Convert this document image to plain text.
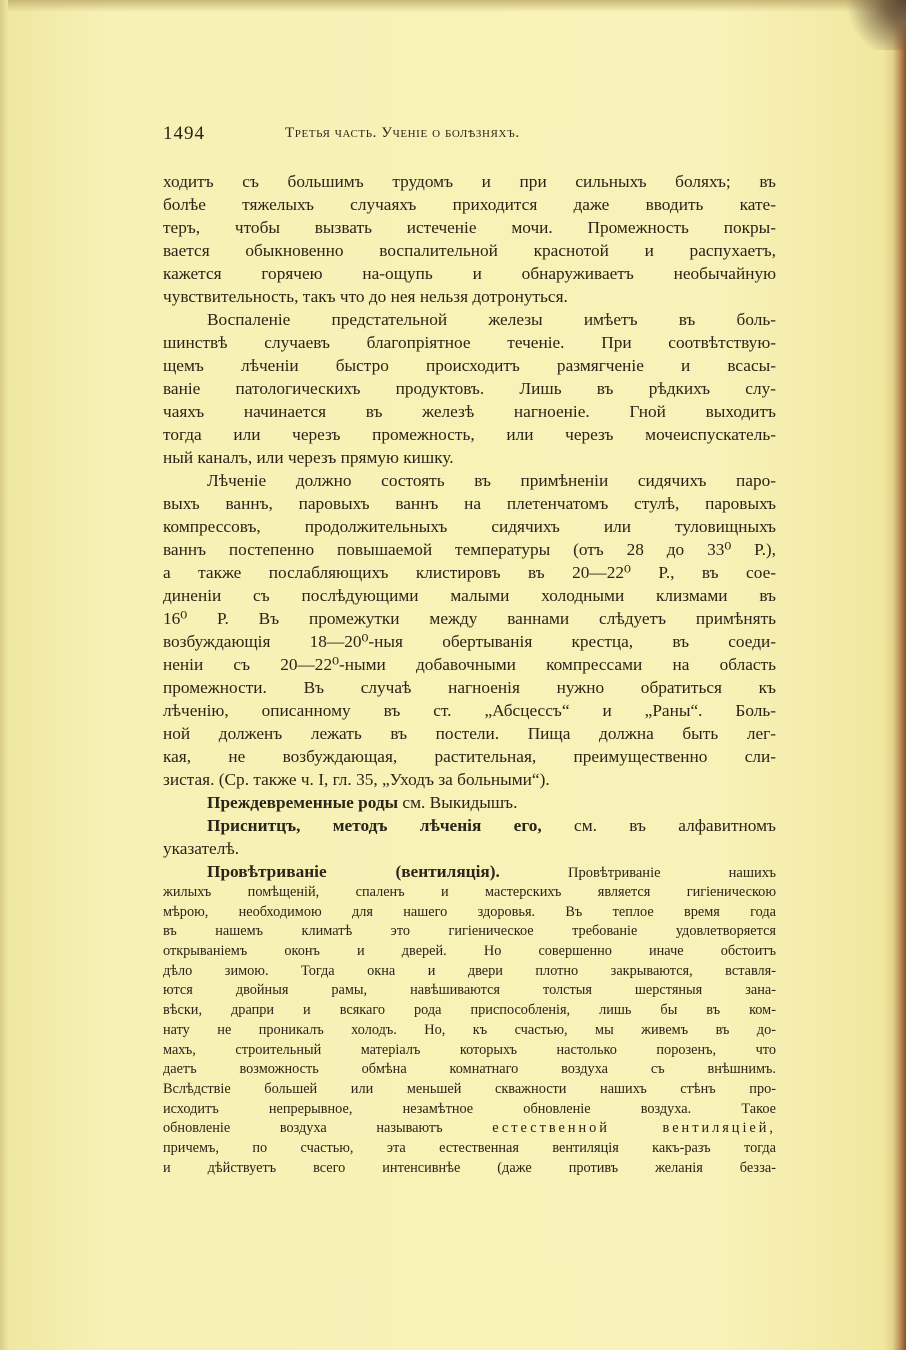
1494	Третья часть. Ученіе о болѣзняхъ.
ходитъ съ большимъ трудомъ и при сильныхъ боляхъ; въ
болѣе тяжелыхъ случаяхъ приходится даже вводить кате-
теръ, чтобы вызвать истеченіе мочи. Промежность покры-
вается обыкновенно воспалительной краснотой и распухаетъ,
кажется горячею на-ощупь и обнаруживаетъ необычайную
чувствительность, такъ что до нея нельзя дотронуться.
Воспаленіе предстательной железы имѣетъ въ боль-
шинствѣ случаевъ благопріятное теченіе. При соотвѣтствую-
щемъ лѣченіи быстро происходитъ размягченіе и всасы-
ваніе патологическихъ продуктовъ. Лишь въ рѣдкихъ слу-
чаяхъ начинается въ железѣ нагноеніе. Гной выходитъ
тогда или черезъ промежность, или черезъ мочеиспускатель-
ный каналъ, или черезъ прямую кишку.
Лѣченіе должно состоять въ примѣненіи сидячихъ паро-
выхъ ваннъ, паровыхъ ваннъ на плетенчатомъ стулѣ, паровыхъ
компрессовъ, продолжительныхъ сидячихъ или туловищныхъ
ваннъ постепенно повышаемой температуры (отъ 28 до 33⁰ Р.),
а также послабляющихъ клистировъ въ 20—22⁰ Р., въ сое-
диненіи съ послѣдующими малыми холодными клизмами въ
16⁰ Р. Въ промежутки между ваннами слѣдуетъ примѣнять
возбуждающія 18—20⁰-ныя обертыванія крестца, въ соеди-
неніи съ 20—22⁰-ными добавочными компрессами на область
промежности. Въ случаѣ нагноенія нужно обратиться къ
лѣченію, описанному въ ст. „Абсцессъ“ и „Раны“. Боль-
ной долженъ лежать въ постели. Пища должна быть лег-
кая, не возбуждающая, растительная, преимущественно сли-
зистая. (Ср. также ч. I, гл. 35, „Уходъ за больными“).
Преждевременные роды см. Выкидышъ.
Приснитцъ, методъ лѣченія его, см. въ алфавитномъ
указателѣ.
Провѣтриваніе (вентиляція). Провѣтриваніе нашихъ
жилыхъ помѣщеній, спаленъ и мастерскихъ является гигіеническою
мѣрою, необходимою для нашего здоровья. Въ теплое время года
въ нашемъ климатѣ это гигіеническое требованіе удовлетворяется
открываніемъ оконъ и дверей. Но совершенно иначе обстоитъ
дѣло зимою. Тогда окна и двери плотно закрываются, вставля-
ются двойныя рамы, навѣшиваются толстыя шерстяныя зана-
вѣски, драпри и всякаго рода приспособленія, лишь бы въ ком-
нату не проникалъ холодъ. Но, къ счастью, мы живемъ въ до-
махъ, строительный матеріалъ которыхъ настолько порозенъ, что
даетъ возможность обмѣна комнатнаго воздуха съ внѣшнимъ.
Вслѣдствіе большей или меньшей скважности нашихъ стѣнъ про-
исходитъ непрерывное, незамѣтное обновленіе воздуха. Такое
обновленіе воздуха называютъ естественной вентиляціей,
причемъ, по счастью, эта естественная вентиляція какъ-разъ тогда
и дѣйствуетъ всего интенсивнѣе (даже противъ желанія безза-
